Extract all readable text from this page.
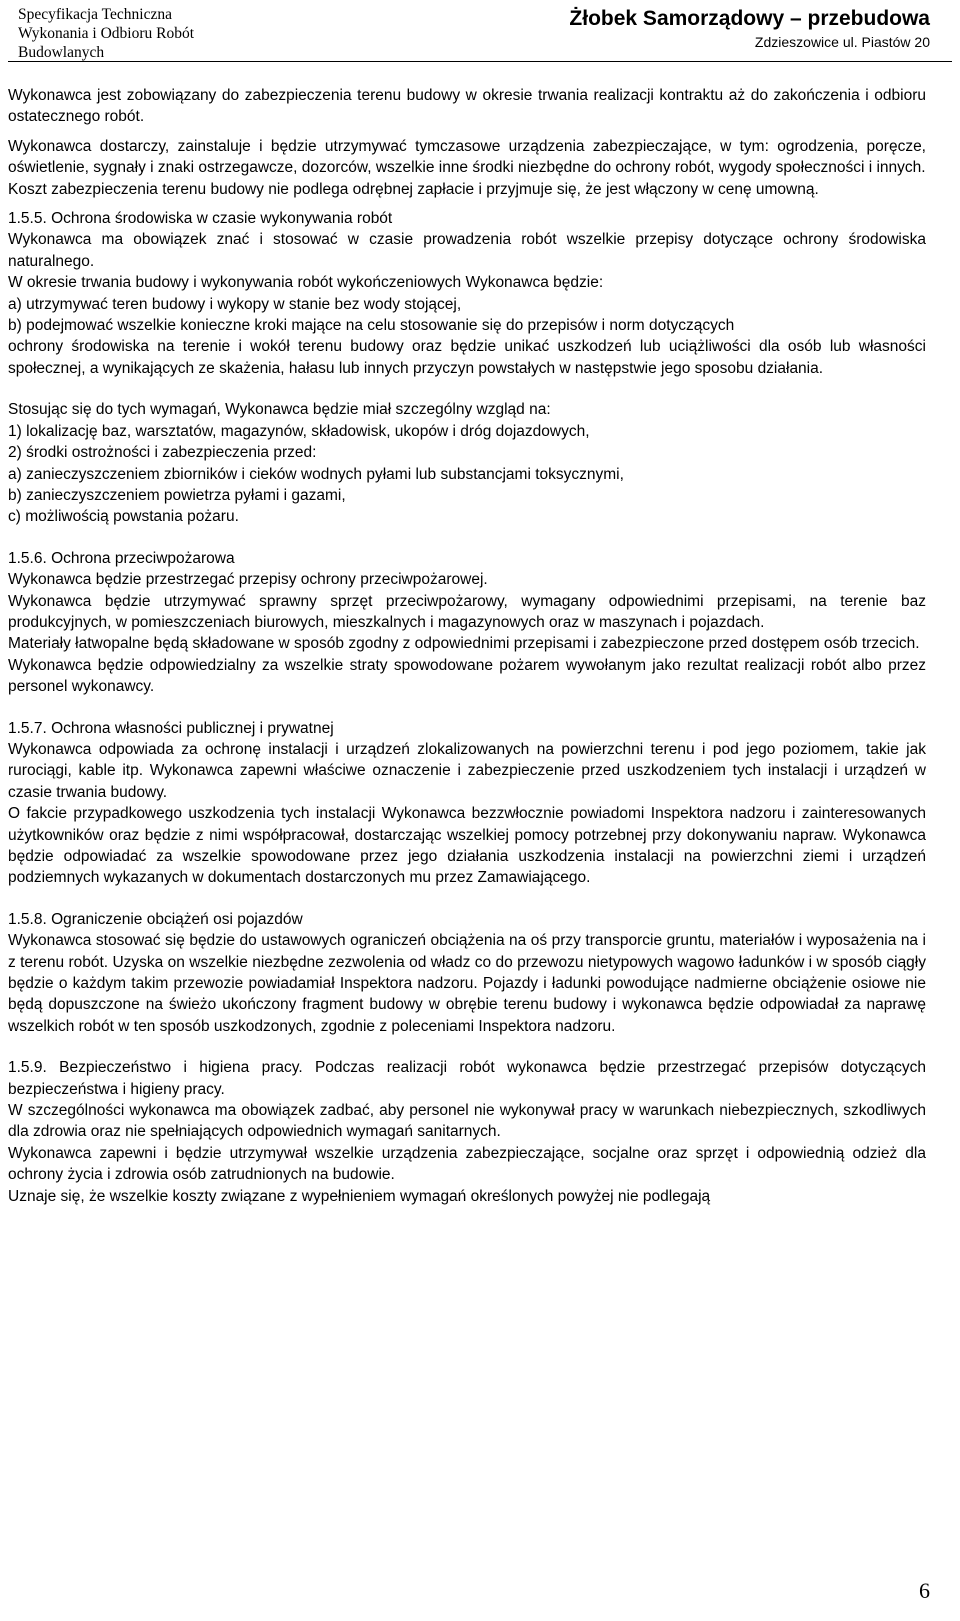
Specyfikacja Techniczna
Wykonania i Odbioru Robót
Budowlanych
Żłobek Samorządowy – przebudowa
Zdzieszowice ul. Piastów 20

Wykonawca jest zobowiązany do zabezpieczenia terenu budowy w okresie trwania realizacji kontraktu aż do zakończenia i odbioru ostatecznego robót.

Wykonawca dostarczy, zainstaluje i będzie utrzymywać tymczasowe urządzenia zabezpieczające, w tym: ogrodzenia, poręcze, oświetlenie, sygnały i znaki ostrzegawcze, dozorców, wszelkie inne środki niezbędne do ochrony robót, wygody społeczności i innych.

Koszt zabezpieczenia terenu budowy nie podlega odrębnej zapłacie i przyjmuje się, że jest włączony w cenę umowną.

1.5.5. Ochrona środowiska w czasie wykonywania robót

Wykonawca ma obowiązek znać i stosować w czasie prowadzenia robót wszelkie przepisy dotyczące ochrony środowiska naturalnego.

W okresie trwania budowy i wykonywania robót wykończeniowych Wykonawca będzie:

a) utrzymywać teren budowy i wykopy w stanie bez wody stojącej,

b) podejmować wszelkie konieczne kroki mające na celu stosowanie się do przepisów i norm dotyczących

ochrony środowiska na terenie i wokół terenu budowy oraz będzie unikać uszkodzeń lub uciążliwości dla osób lub własności społecznej, a wynikających ze skażenia, hałasu lub innych przyczyn powstałych w następstwie jego sposobu działania.

Stosując się do tych wymagań, Wykonawca będzie miał szczególny wzgląd na:

1) lokalizację baz, warsztatów, magazynów, składowisk, ukopów i dróg dojazdowych,

2) środki ostrożności i zabezpieczenia przed:

a) zanieczyszczeniem zbiorników i cieków wodnych pyłami lub substancjami toksycznymi,

b) zanieczyszczeniem powietrza pyłami i gazami,

c) możliwością powstania pożaru.

1.5.6. Ochrona przeciwpożarowa

Wykonawca będzie przestrzegać przepisy ochrony przeciwpożarowej.

Wykonawca będzie utrzymywać sprawny sprzęt przeciwpożarowy, wymagany odpowiednimi przepisami, na terenie baz produkcyjnych, w pomieszczeniach biurowych, mieszkalnych i magazynowych oraz w maszynach i pojazdach.

Materiały łatwopalne będą składowane w sposób zgodny z odpowiednimi przepisami i zabezpieczone przed dostępem osób trzecich.

Wykonawca będzie odpowiedzialny za wszelkie straty spowodowane pożarem wywołanym jako rezultat realizacji robót albo przez personel wykonawcy.

1.5.7. Ochrona własności publicznej i prywatnej

Wykonawca odpowiada za ochronę instalacji i urządzeń zlokalizowanych na powierzchni terenu i pod jego poziomem, takie jak rurociągi, kable itp. Wykonawca zapewni właściwe oznaczenie i zabezpieczenie przed uszkodzeniem tych instalacji i urządzeń w czasie trwania budowy.

O fakcie przypadkowego uszkodzenia tych instalacji Wykonawca bezzwłocznie powiadomi Inspektora nadzoru i zainteresowanych użytkowników oraz będzie z nimi współpracował, dostarczając wszelkiej pomocy potrzebnej przy dokonywaniu napraw. Wykonawca będzie odpowiadać za wszelkie spowodowane przez jego działania uszkodzenia instalacji na powierzchni ziemi i urządzeń podziemnych wykazanych w dokumentach dostarczonych mu przez Zamawiającego.

1.5.8. Ograniczenie obciążeń osi pojazdów

Wykonawca stosować się będzie do ustawowych ograniczeń obciążenia na oś przy transporcie gruntu, materiałów i wyposażenia na i z terenu robót. Uzyska on wszelkie niezbędne zezwolenia od władz co do przewozu nietypowych wagowo ładunków i w sposób ciągły będzie o każdym takim przewozie powiadamiał Inspektora nadzoru. Pojazdy i ładunki powodujące nadmierne obciążenie osiowe nie będą dopuszczone na świeżo ukończony fragment budowy w obrębie terenu budowy i wykonawca będzie odpowiadał za naprawę wszelkich robót w ten sposób uszkodzonych, zgodnie z poleceniami Inspektora nadzoru.

1.5.9. Bezpieczeństwo i higiena pracy. Podczas realizacji robót wykonawca będzie przestrzegać przepisów dotyczących bezpieczeństwa i higieny pracy.

W szczególności wykonawca ma obowiązek zadbać, aby personel nie wykonywał pracy w warunkach niebezpiecznych, szkodliwych dla zdrowia oraz nie spełniających odpowiednich wymagań sanitarnych.

Wykonawca zapewni i będzie utrzymywał wszelkie urządzenia zabezpieczające, socjalne oraz sprzęt i odpowiednią odzież dla ochrony życia i zdrowia osób zatrudnionych na budowie.

Uznaje się, że wszelkie koszty związane z wypełnieniem wymagań określonych powyżej nie podlegają

6
